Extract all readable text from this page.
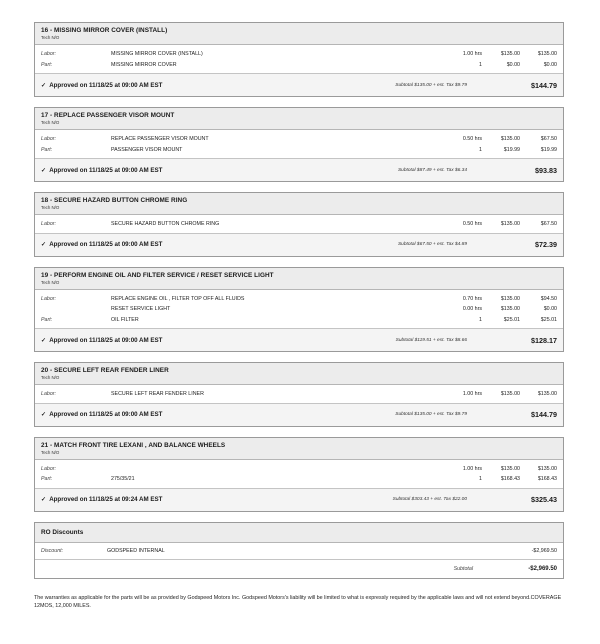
16 - MISSING MIRROR COVER (INSTALL)
Tech N/O
Labor:	MISSING MIRROR COVER (INSTALL)	1.00 hrs	$135.00	$135.00
Part:	MISSING MIRROR COVER	1	$0.00	$0.00
✓ Approved on 11/18/25 at 09:00 AM EST	Subtotal $135.00 + est. Tax $9.79	$144.79
17 - REPLACE PASSENGER VISOR MOUNT
Tech N/O
Labor:	REPLACE PASSENGER VISOR MOUNT	0.50 hrs	$135.00	$67.50
Part:	PASSENGER VISOR MOUNT	1	$19.99	$19.99
✓ Approved on 11/18/25 at 09:00 AM EST	Subtotal $87.49 + est. Tax $6.34	$93.83
18 - SECURE HAZARD BUTTON CHROME RING
Tech N/O
Labor:	SECURE HAZARD BUTTON CHROME RING	0.50 hrs	$135.00	$67.50
✓ Approved on 11/18/25 at 09:00 AM EST	Subtotal $67.50 + est. Tax $4.89	$72.39
19 - PERFORM ENGINE OIL AND FILTER SERVICE / RESET SERVICE LIGHT
Tech N/O
Labor:	REPLACE ENGINE OIL , FILTER TOP OFF ALL FLUIDS	0.70 hrs	$135.00	$94.50
RESET SERVICE LIGHT	0.00 hrs	$135.00	$0.00
Part:	OIL FILTER	1	$25.01	$25.01
✓ Approved on 11/18/25 at 09:00 AM EST	Subtotal $119.51 + est. Tax $8.66	$128.17
20 - SECURE LEFT REAR FENDER LINER
Tech N/O
Labor:	SECURE LEFT REAR FENDER LINER	1.00 hrs	$135.00	$135.00
✓ Approved on 11/18/25 at 09:00 AM EST	Subtotal $135.00 + est. Tax $9.79	$144.79
21 - MATCH FRONT TIRE LEXANI , AND BALANCE WHEELS
Tech N/O
Labor:	1.00 hrs	$135.00	$135.00
Part:	275/35/21	1	$168.43	$168.43
✓ Approved on 11/18/25 at 09:24 AM EST	Subtotal $303.43 + est. Tax $22.00	$325.43
RO Discounts
Discount:	GODSPEED INTERNAL	-$2,969.50
Subtotal	-$2,969.50
The warranties as applicable for the parts will be as provided by Godspeed Motors Inc. Godspeed Motors's liability will be limited to what is expressly required by the applicable laws and will not extend beyond.COVERAGE 12MOS, 12,000 MILES.
